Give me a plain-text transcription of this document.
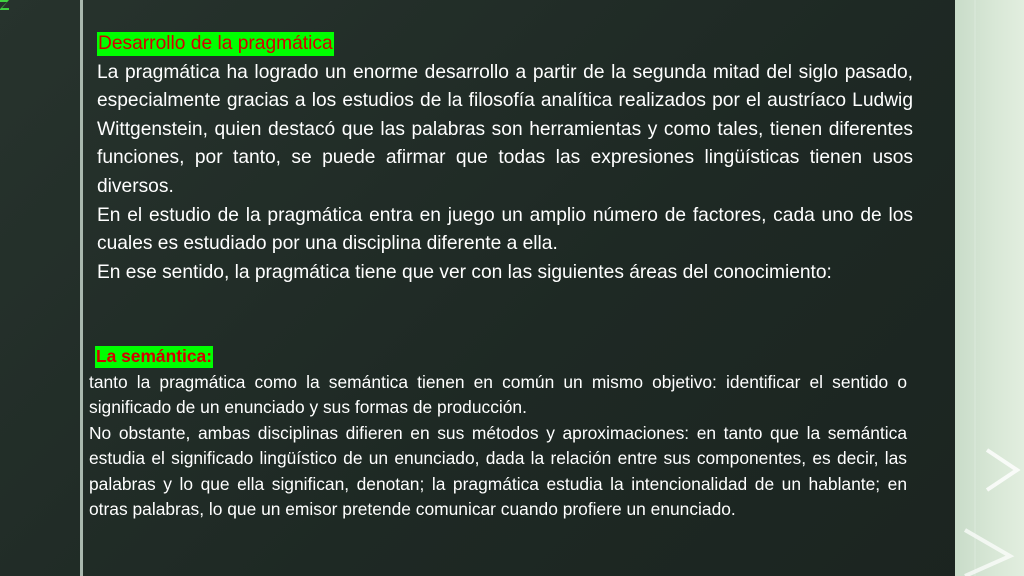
Desarrollo de la pragmática

La pragmática ha logrado un enorme desarrollo a partir de la segunda mitad del siglo pasado, especialmente gracias a los estudios de la filosofía analítica realizados por el austríaco Ludwig Wittgenstein, quien destacó que las palabras son herramientas y como tales, tienen diferentes funciones, por tanto, se puede afirmar que todas las expresiones lingüísticas tienen usos diversos.

En el estudio de la pragmática entra en juego un amplio número de factores, cada uno de los cuales es estudiado por una disciplina diferente a ella.

En ese sentido, la pragmática tiene que ver con las siguientes áreas del conocimiento:

La semántica:

tanto la pragmática como la semántica tienen en común un mismo objetivo: identificar el sentido o significado de un enunciado y sus formas de producción.

No obstante, ambas disciplinas difieren en sus métodos y aproximaciones: en tanto que la semántica estudia el significado lingüístico de un enunciado, dada la relación entre sus componentes, es decir, las palabras y lo que ella significan, denotan; la pragmática estudia la intencionalidad de un hablante; en otras palabras, lo que un emisor pretende comunicar cuando profiere un enunciado.
